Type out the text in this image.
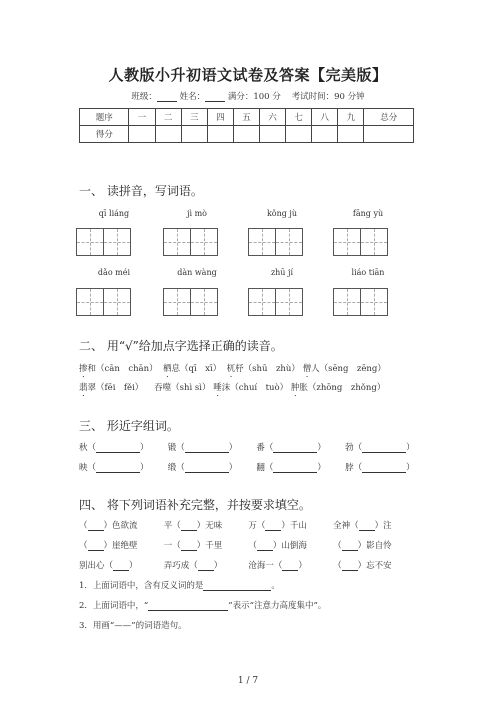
人教版小升初语文试卷及答案【完美版】
班级：	姓名：	满分：100 分 考试时间：90 分钟
题序	一	二	三	四	五	六	七	八	九	总分
得分										
一、 读拼音，写词语。
qī liáng	jì mò	kǒng jù	fāng yù
dǎo méi	dàn wàng	zhū jí	liáo tiān
二、 用“√”给加点字选择正确的读音。
掺和（cān　chān） 栖息（qī　xī） 杌杼（shū　zhù） 僧人（sēng　zēng）
翡翠（fēi　fěi） 吞噬（shì sì） 唾沫（chuí　tuò） 肿胀（zhōng　zhǒng）
三、 形近字组词。
秋（	） 锻（	） 番（	） 勃（	）
映（	） 缎（	） 翻（	） 脖（	）
四、 将下列词语补充完整，并按要求填空。
（ ）色欲流	平（ ）无味	万（ ）千山	全神（ ）注
（ ）崖绝壁	一（ ）千里	（ ）山倒海	（ ）影自怜
别出心（ ）	弄巧成（ ）	沧海一（ ）	（ ）忘不安
1．上面词语中，含有反义词的是	。
2．上面词语中，“	”表示“注意力高度集中”。
3．用画“——”的词语造句。
1 / 7
